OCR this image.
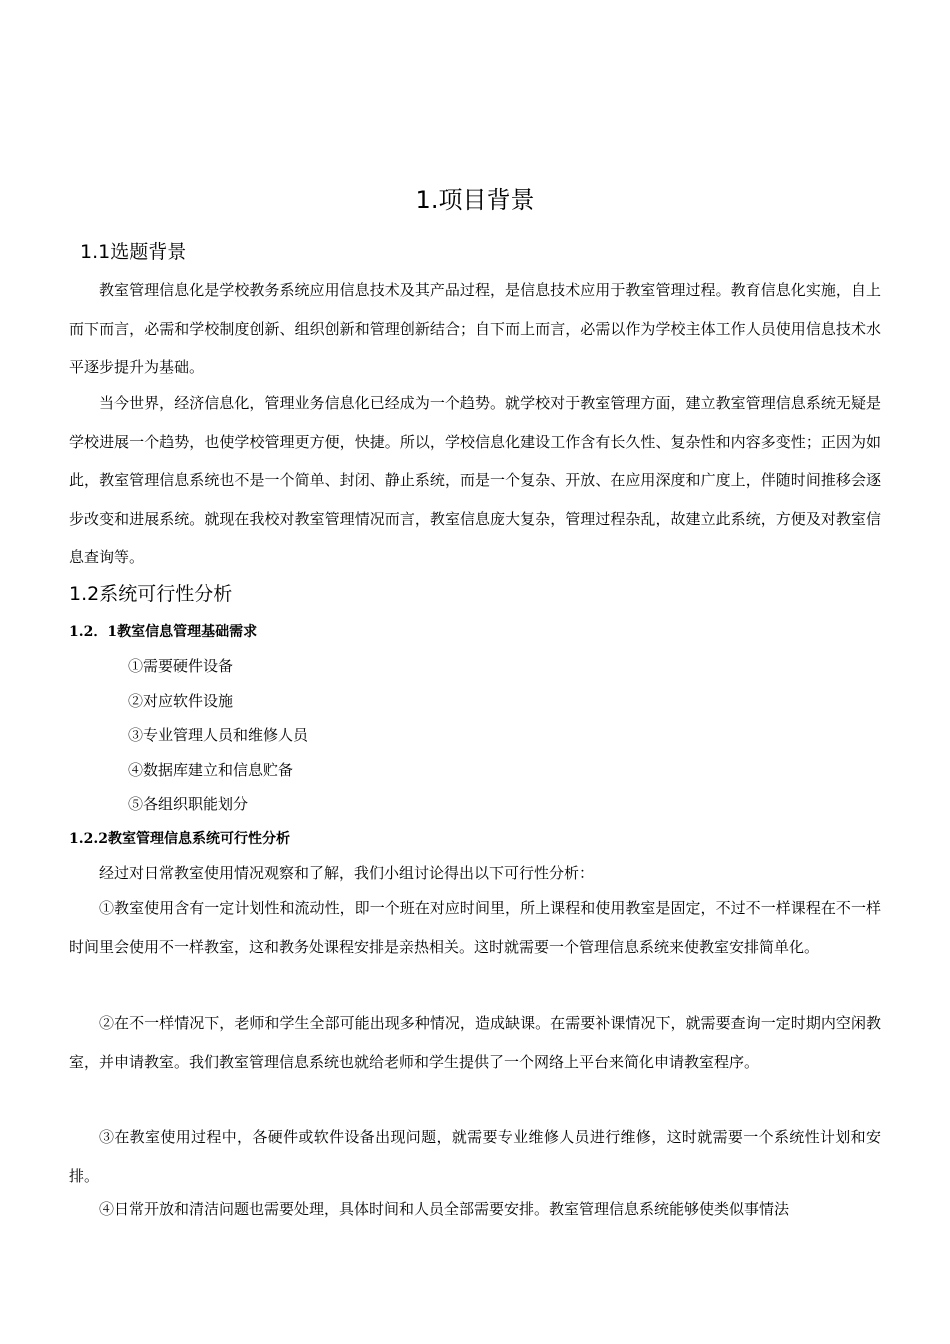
1.项目背景
1.1选题背景

教室管理信息化是学校教务系统应用信息技术及其产品过程，是信息技术应用于教室管理过程。教育信息化实施，自上而下而言，必需和学校制度创新、组织创新和管理创新结合；自下而上而言，必需以作为学校主体工作人员使用信息技术水平逐步提升为基础。

当今世界，经济信息化，管理业务信息化已经成为一个趋势。就学校对于教室管理方面，建立教室管理信息系统无疑是学校进展一个趋势，也使学校管理更方便，快捷。所以，学校信息化建设工作含有长久性、复杂性和内容多变性；正因为如此，教室管理信息系统也不是一个简单、封闭、静止系统，而是一个复杂、开放、在应用深度和广度上，伴随时间推移会逐步改变和进展系统。就现在我校对教室管理情况而言，教室信息庞大复杂，管理过程杂乱，故建立此系统，方便及对教室信息查询等。

1.2系统可行性分析
1.2．1教室信息管理基础需求
①需要硬件设备
②对应软件设施
③专业管理人员和维修人员
④数据库建立和信息贮备
⑤各组织职能划分
1.2.2教室管理信息系统可行性分析

经过对日常教室使用情况观察和了解，我们小组讨论得出以下可行性分析：

①教室使用含有一定计划性和流动性，即一个班在对应时间里，所上课程和使用教室是固定，不过不一样课程在不一样时间里会使用不一样教室，这和教务处课程安排是亲热相关。这时就需要一个管理信息系统来使教室安排简单化。

②在不一样情况下，老师和学生全部可能出现多种情况，造成缺课。在需要补课情况下，就需要查询一定时期内空闲教室，并申请教室。我们教室管理信息系统也就给老师和学生提供了一个网络上平台来简化申请教室程序。

③在教室使用过程中，各硬件或软件设备出现问题，就需要专业维修人员进行维修，这时就需要一个系统性计划和安排。

④日常开放和清洁问题也需要处理，具体时间和人员全部需要安排。教室管理信息系统能够使类似事情法
